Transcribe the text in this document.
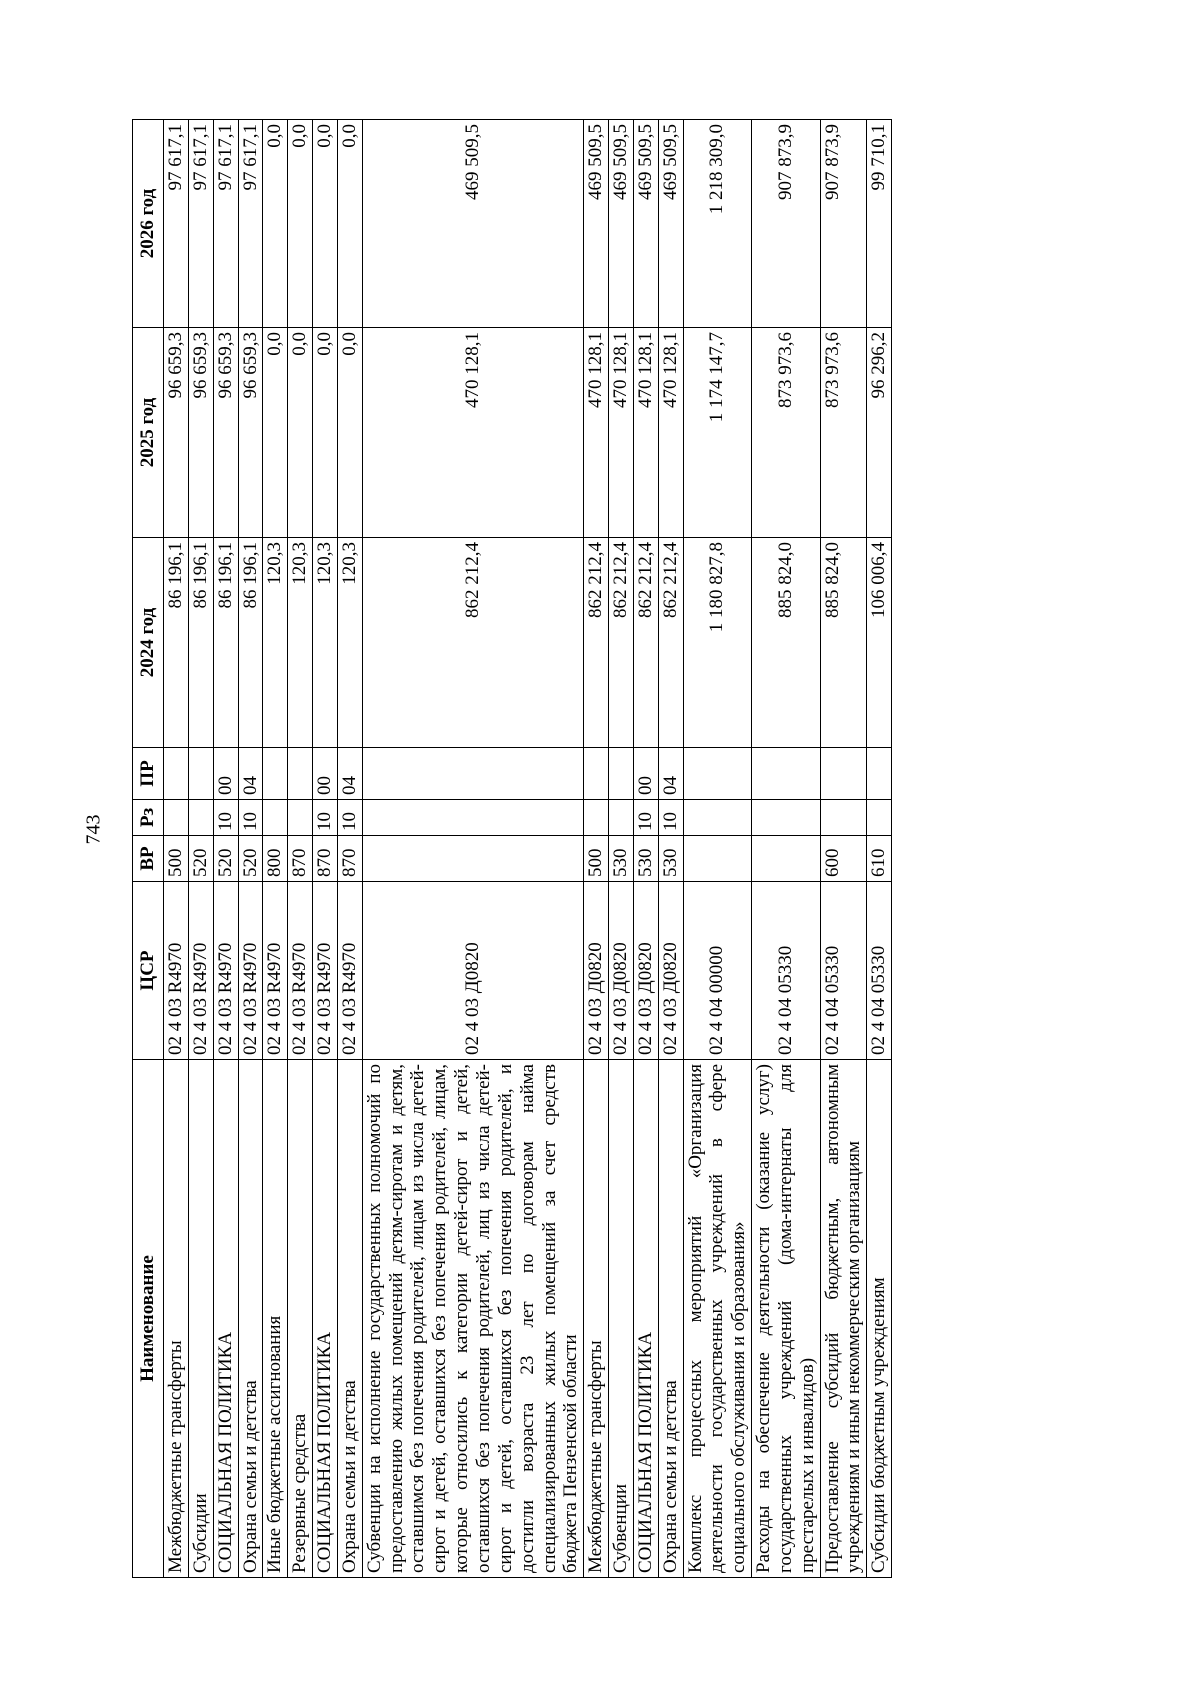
743
Наименование	ЦСР	ВР	Рз	ПР	2024 год	2025 год	2026 год
Межбюджетные трансферты	02 4 03 R4970	500			86 196,1	96 659,3	97 617,1
Субсидии	02 4 03 R4970	520			86 196,1	96 659,3	97 617,1
СОЦИАЛЬНАЯ ПОЛИТИКА	02 4 03 R4970	520	10	00	86 196,1	96 659,3	97 617,1
Охрана семьи и детства	02 4 03 R4970	520	10	04	86 196,1	96 659,3	97 617,1
Иные бюджетные ассигнования	02 4 03 R4970	800			120,3	0,0	0,0
Резервные средства	02 4 03 R4970	870			120,3	0,0	0,0
СОЦИАЛЬНАЯ ПОЛИТИКА	02 4 03 R4970	870	10	00	120,3	0,0	0,0
Охрана семьи и детства	02 4 03 R4970	870	10	04	120,3	0,0	0,0
Субвенции на исполнение государственных полномочий по предоставлению жилых помещений детям-сиротам и детям, оставшимся без попечения родителей, лицам из числа детей-сирот и детей, оставшихся без попечения родителей, лицам, которые относились к категории детей-сирот и детей, оставшихся без попечения родителей, лиц из числа детей-сирот и детей, оставшихся без попечения родителей, и достигли возраста 23 лет по договорам найма специализированных жилых помещений за счет средств бюджета Пензенской области	02 4 03 Д0820				862 212,4	470 128,1	469 509,5
Межбюджетные трансферты	02 4 03 Д0820	500			862 212,4	470 128,1	469 509,5
Субвенции	02 4 03 Д0820	530			862 212,4	470 128,1	469 509,5
СОЦИАЛЬНАЯ ПОЛИТИКА	02 4 03 Д0820	530	10	00	862 212,4	470 128,1	469 509,5
Охрана семьи и детства	02 4 03 Д0820	530	10	04	862 212,4	470 128,1	469 509,5
Комплекс процессных мероприятий «Организация деятельности государственных учреждений в сфере социального обслуживания и образования»	02 4 04 00000				1 180 827,8	1 174 147,7	1 218 309,0
Расходы на обеспечение деятельности (оказание услуг) государственных учреждений (дома-интернаты для престарелых и инвалидов)	02 4 04 05330				885 824,0	873 973,6	907 873,9
Предоставление субсидий бюджетным, автономным учреждениям и иным некоммерческим организациям	02 4 04 05330	600			885 824,0	873 973,6	907 873,9
Субсидии бюджетным учреждениям	02 4 04 05330	610			106 006,4	96 296,2	99 710,1
